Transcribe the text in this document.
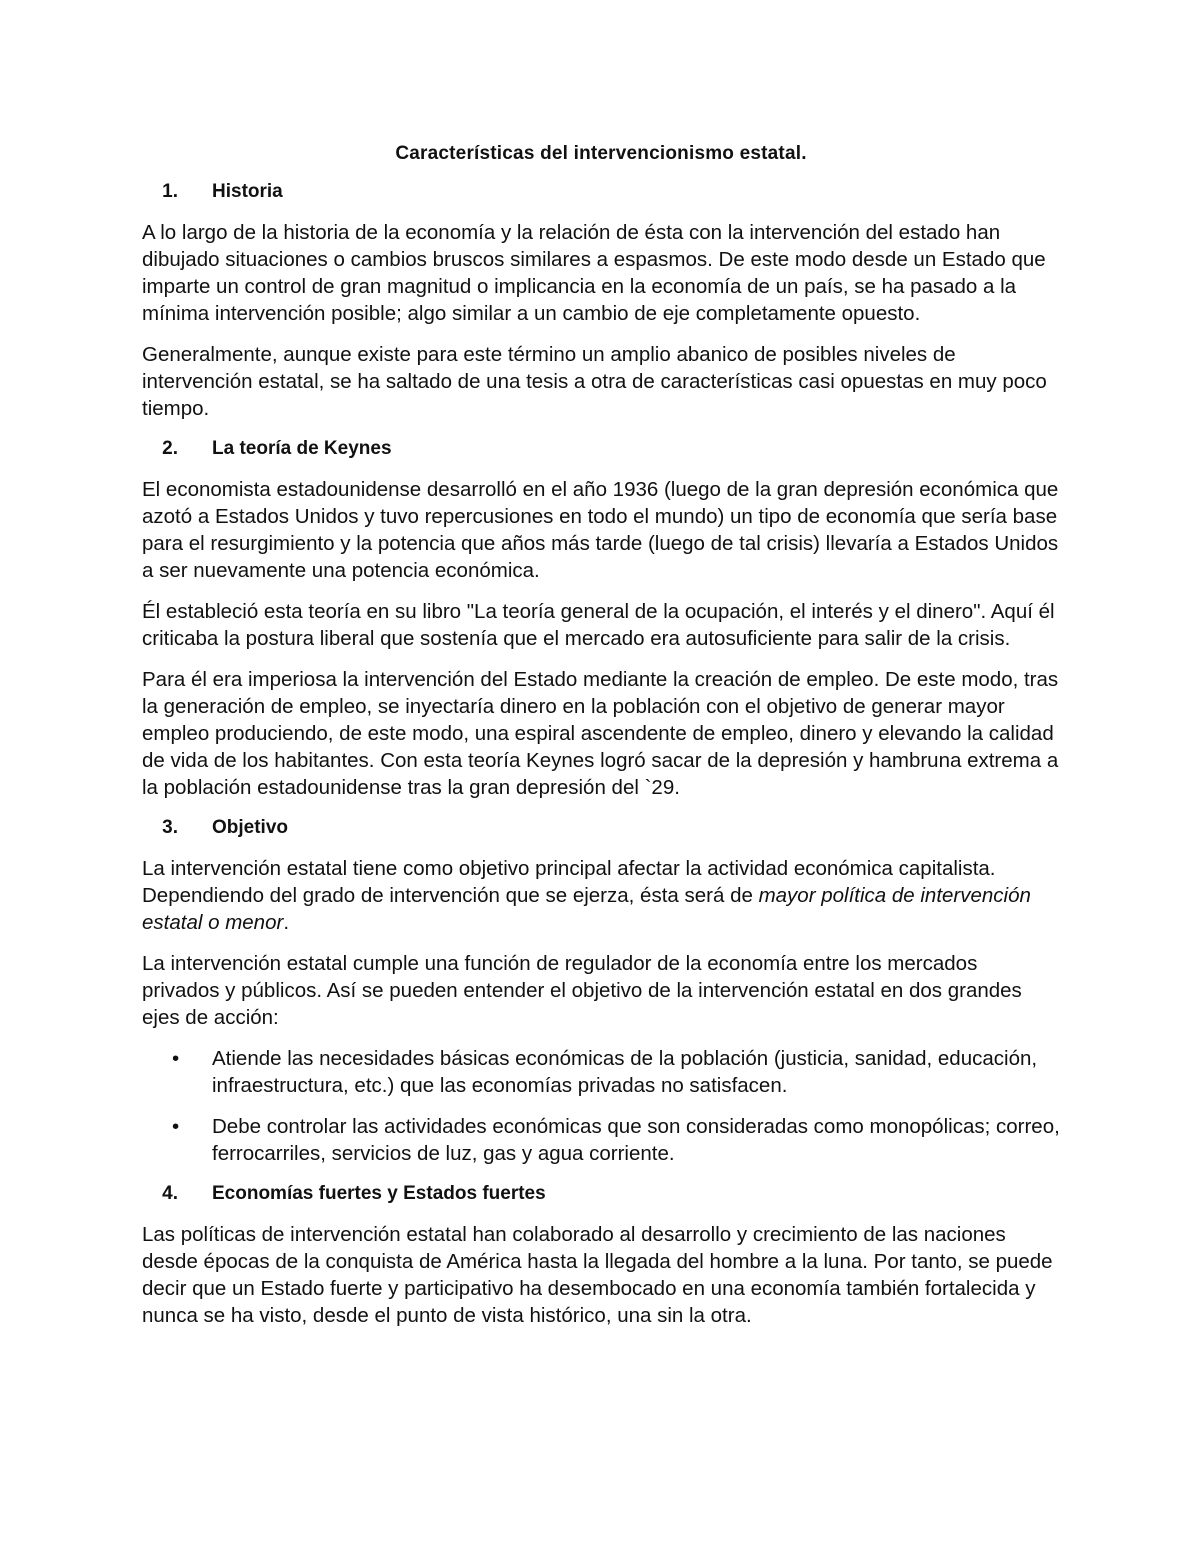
Características del intervencionismo estatal.
1.	Historia

A lo largo de la historia de la economía y la relación de ésta con la intervención del estado han dibujado situaciones o cambios bruscos similares a espasmos. De este modo desde un Estado que imparte un control de gran magnitud o implicancia en la economía de un país, se ha pasado a la mínima intervención posible; algo similar a un cambio de eje completamente opuesto.

Generalmente, aunque existe para este término un amplio abanico de posibles niveles de intervención estatal, se ha saltado de una tesis a otra de características casi opuestas en muy poco tiempo.

2.	La teoría de Keynes

El economista estadounidense desarrolló en el año 1936 (luego de la gran depresión económica que azotó a Estados Unidos y tuvo repercusiones en todo el mundo) un tipo de economía que sería base para el resurgimiento y la potencia que años más tarde (luego de tal crisis) llevaría a Estados Unidos a ser nuevamente una potencia económica.

Él estableció esta teoría en su libro "La teoría general de la ocupación, el interés y el dinero". Aquí él criticaba la postura liberal que sostenía que el mercado era autosuficiente para salir de la crisis.

Para él era imperiosa la intervención del Estado mediante la creación de empleo. De este modo, tras la generación de empleo, se inyectaría dinero en la población con el objetivo de generar mayor empleo produciendo, de este modo, una espiral ascendente de empleo, dinero y elevando la calidad de vida de los habitantes. Con esta teoría Keynes logró sacar de la depresión y hambruna extrema a la población estadounidense tras la gran depresión del `29.

3.	Objetivo

La intervención estatal tiene como objetivo principal afectar la actividad económica capitalista. Dependiendo del grado de intervención que se ejerza, ésta será de mayor política de intervención estatal o menor.

La intervención estatal cumple una función de regulador de la economía entre los mercados privados y públicos. Así se pueden entender el objetivo de la intervención estatal en dos grandes ejes de acción:

•	Atiende las necesidades básicas económicas de la población (justicia, sanidad, educación, infraestructura, etc.) que las economías privadas no satisfacen.
•	Debe controlar las actividades económicas que son consideradas como monopólicas; correo, ferrocarriles, servicios de luz, gas y agua corriente.
4.	Economías fuertes y Estados fuertes

Las políticas de intervención estatal han colaborado al desarrollo y crecimiento de las naciones desde épocas de la conquista de América hasta la llegada del hombre a la luna. Por tanto, se puede decir que un Estado fuerte y participativo ha desembocado en una economía también fortalecida y nunca se ha visto, desde el punto de vista histórico, una sin la otra.
